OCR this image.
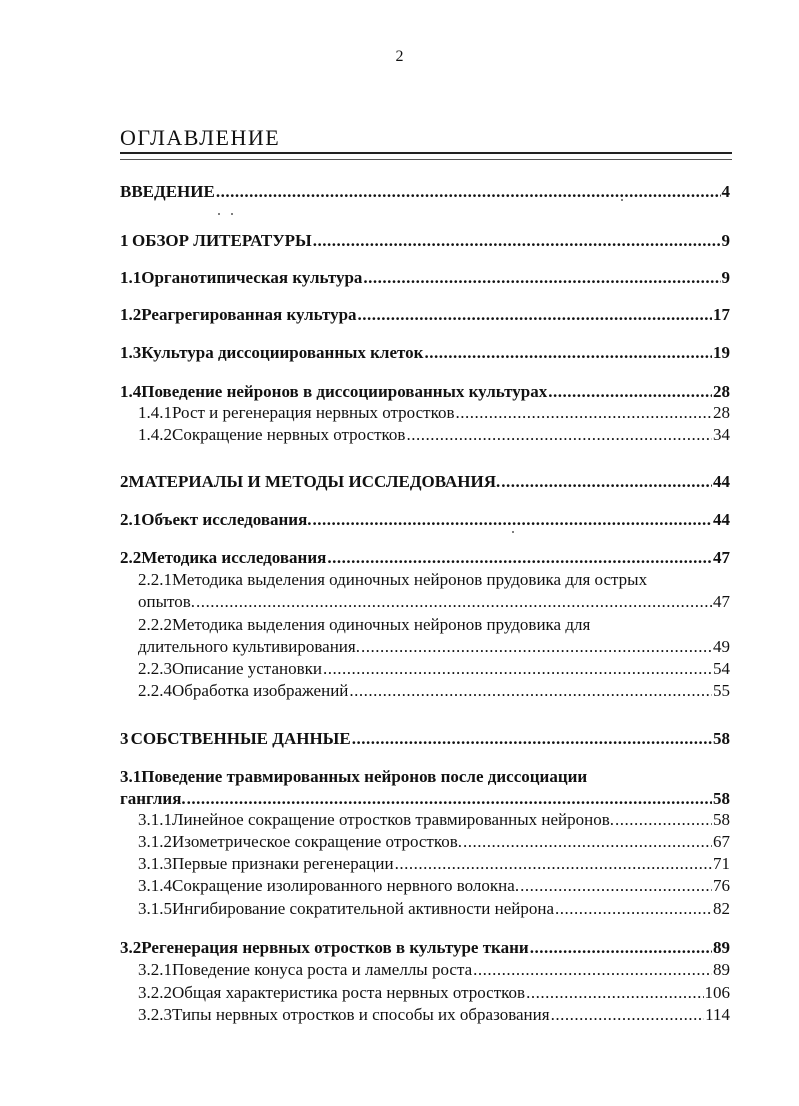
2
ОГЛАВЛЕНИЕ
ВВЕДЕНИЕ .....	4
1 ОБЗОР ЛИТЕРАТУРЫ .....	9
1.1 Органотипическая культура .....	9
1.2 Реагрегированная культура .....	17
1.3 Культура диссоциированных клеток .....	19
1.4 Поведение нейронов в диссоциированных культурах .....	28
1.4.1 Рост и регенерация нервных отростков .....	28
1.4.2 Сокращение нервных отростков .....	34
2 МАТЕРИАЛЫ И МЕТОДЫ ИССЛЕДОВАНИЯ. .....	44
2.1 Объект исследования. .....	44
2.2 Методика исследования .....	47
2.2.1Методика выделения одиночных нейронов прудовика для острых
опытов. .....	47
2.2.2Методика выделения одиночных нейронов прудовика для
длительного культивирования. .....	49
2.2.3 Описание установки .....	54
2.2.4 Обработка изображений .....	55
3 СОБСТВЕННЫЕ ДАННЫЕ .....	58
3.1Поведение травмированных нейронов после диссоциации
ганглия. .....	58
3.1.1 Линейное сокращение отростков травмированных нейронов. .....	58
3.1.2 Изометрическое сокращение отростков. .....	67
3.1.3 Первые признаки регенерации .....	71
3.1.4 Сокращение изолированного нервного волокна. .....	76
3.1.5 Ингибирование сократительной активности нейрона .....	82
3.2 Регенерация нервных отростков в культуре ткани .....	89
3.2.1 Поведение конуса роста и ламеллы роста .....	89
3.2.2 Общая характеристика роста нервных отростков .....	106
3.2.3 Типы нервных отростков и способы их образования .....	114
